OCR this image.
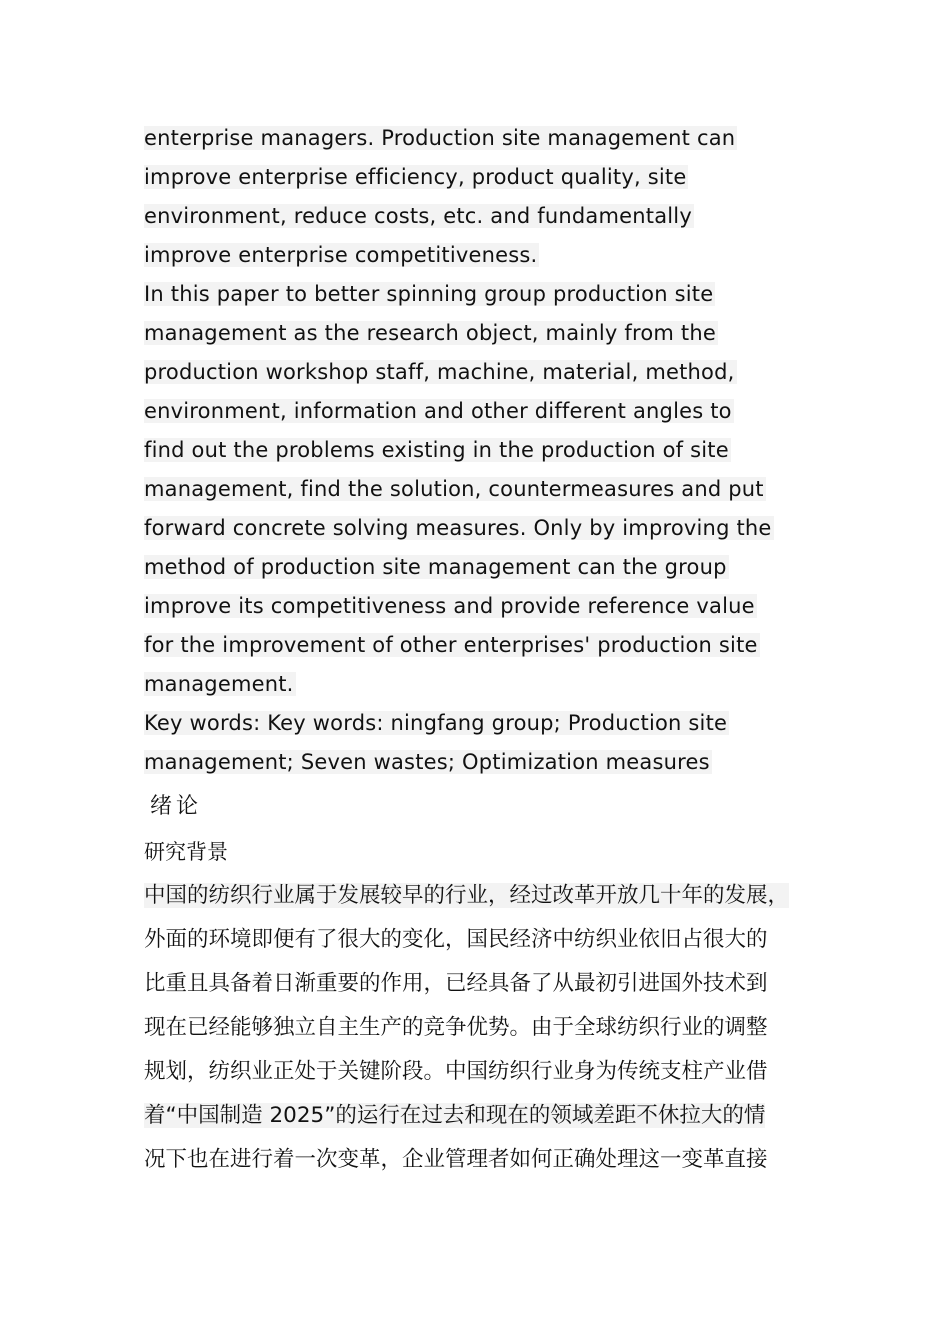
enterprise managers. Production site management can
improve enterprise efficiency, product quality, site
environment, reduce costs, etc. and fundamentally
improve enterprise competitiveness.
In this paper to better spinning group production site
management as the research object, mainly from the
production workshop staff, machine, material, method,
environment, information and other different angles to
find out the problems existing in the production of site
management, find the solution, countermeasures and put
forward concrete solving measures. Only by improving the
method of production site management can the group
improve its competitiveness and provide reference value
for the improvement of other enterprises' production site
management.
Key words: Key words: ningfang group; Production site
management; Seven wastes; Optimization measures
绪论
研究背景
中国的纺织行业属于发展较早的行业，经过改革开放几十年的发展，
外面的环境即便有了很大的变化，国民经济中纺织业依旧占很大的
比重且具备着日渐重要的作用，已经具备了从最初引进国外技术到
现在已经能够独立自主生产的竞争优势。由于全球纺织行业的调整
规划，纺织业正处于关键阶段。中国纺织行业身为传统支柱产业借
着“中国制造 2025”的运行在过去和现在的领域差距不休拉大的情
况下也在进行着一次变革，企业管理者如何正确处理这一变革直接
